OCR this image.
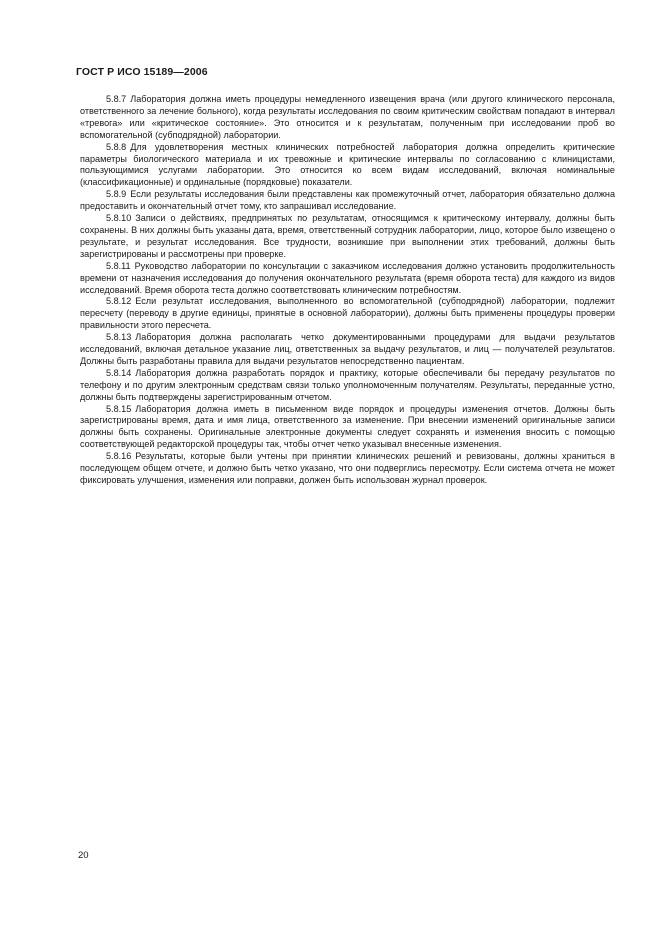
ГОСТ Р ИСО 15189—2006

5.8.7 Лаборатория должна иметь процедуры немедленного извещения врача (или другого клинического персонала, ответственного за лечение больного), когда результаты исследования по своим критическим свойствам попадают в интервал «тревога» или «критическое состояние». Это относится и к результатам, полученным при исследовании проб во вспомогательной (субподрядной) лаборатории.

5.8.8 Для удовлетворения местных клинических потребностей лаборатория должна определить критические параметры биологического материала и их тревожные и критические интервалы по согласованию с клиницистами, пользующимися услугами лаборатории. Это относится ко всем видам исследований, включая номинальные (классификационные) и ординальные (порядковые) показатели.

5.8.9 Если результаты исследования были представлены как промежуточный отчет, лаборатория обязательно должна предоставить и окончательный отчет тому, кто запрашивал исследование.

5.8.10 Записи о действиях, предпринятых по результатам, относящимся к критическому интервалу, должны быть сохранены. В них должны быть указаны дата, время, ответственный сотрудник лаборатории, лицо, которое было извещено о результате, и результат исследования. Все трудности, возникшие при выполнении этих требований, должны быть зарегистрированы и рассмотрены при проверке.

5.8.11 Руководство лаборатории по консультации с заказчиком исследования должно установить продолжительность времени от назначения исследования до получения окончательного результата (время оборота теста) для каждого из видов исследований. Время оборота теста должно соответствовать клиническим потребностям.

5.8.12 Если результат исследования, выполненного во вспомогательной (субподрядной) лаборатории, подлежит пересчету (переводу в другие единицы, принятые в основной лаборатории), должны быть применены процедуры проверки правильности этого пересчета.

5.8.13 Лаборатория должна располагать четко документированными процедурами для выдачи результатов исследований, включая детальное указание лиц, ответственных за выдачу результатов, и лиц — получателей результатов. Должны быть разработаны правила для выдачи результатов непосредственно пациентам.

5.8.14 Лаборатория должна разработать порядок и практику, которые обеспечивали бы передачу результатов по телефону и по другим электронным средствам связи только уполномоченным получателям. Результаты, переданные устно, должны быть подтверждены зарегистрированным отчетом.

5.8.15 Лаборатория должна иметь в письменном виде порядок и процедуры изменения отчетов. Должны быть зарегистрированы время, дата и имя лица, ответственного за изменение. При внесении изменений оригинальные записи должны быть сохранены. Оригинальные электронные документы следует сохранять и изменения вносить с помощью соответствующей редакторской процедуры так, чтобы отчет четко указывал внесенные изменения.

5.8.16 Результаты, которые были учтены при принятии клинических решений и ревизованы, должны храниться в последующем общем отчете, и должно быть четко указано, что они подверглись пересмотру. Если система отчета не может фиксировать улучшения, изменения или поправки, должен быть использован журнал проверок.

20
